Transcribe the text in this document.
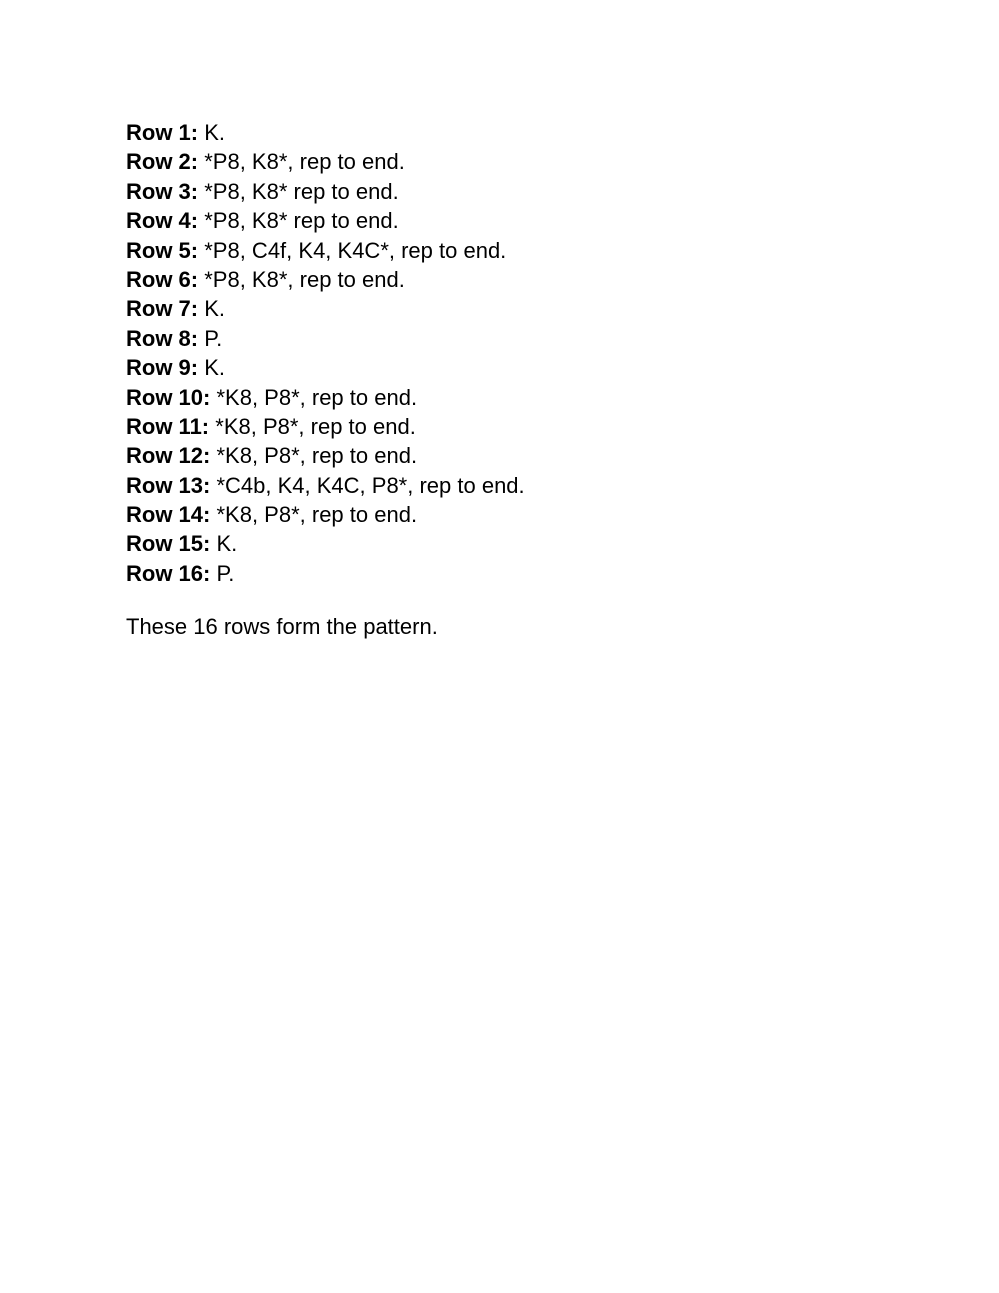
Row 1: K.
Row 2: *P8, K8*, rep to end.
Row 3: *P8, K8* rep to end.
Row 4: *P8, K8* rep to end.
Row 5: *P8, C4f, K4, K4C*, rep to end.
Row 6: *P8, K8*, rep to end.
Row 7: K.
Row 8: P.
Row 9: K.
Row 10: *K8, P8*, rep to end.
Row 11: *K8, P8*, rep to end.
Row 12: *K8, P8*, rep to end.
Row 13: *C4b, K4, K4C, P8*, rep to end.
Row 14: *K8, P8*, rep to end.
Row 15: K.
Row 16: P.

These 16 rows form the pattern.
